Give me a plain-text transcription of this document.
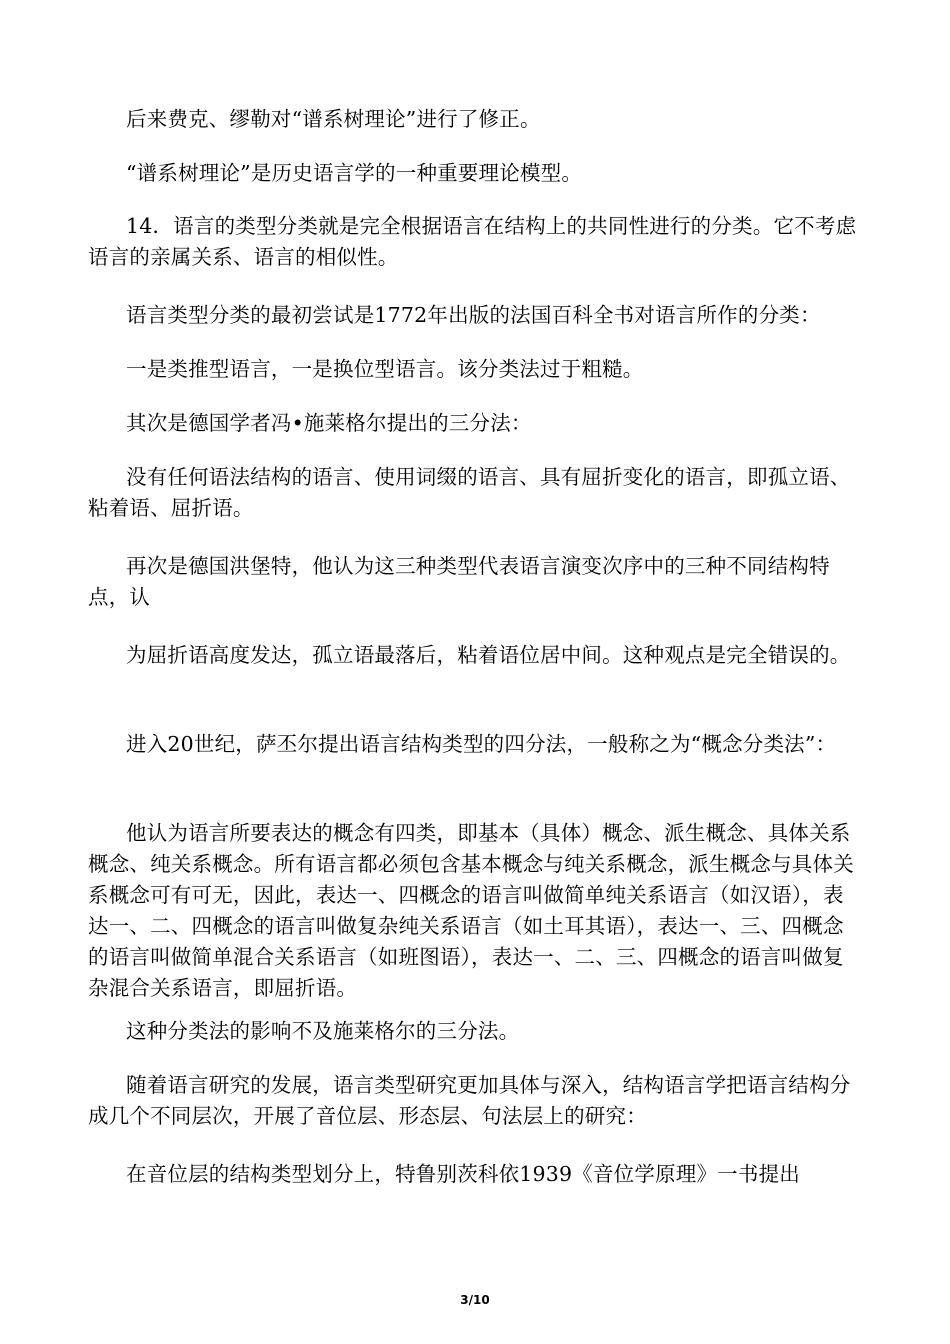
后来费克、缪勒对“谱系树理论”进行了修正。

“谱系树理论”是历史语言学的一种重要理论模型。

14．语言的类型分类就是完全根据语言在结构上的共同性进行的分类。它不考虑语言的亲属关系、语言的相似性。

语言类型分类的最初尝试是1772年出版的法国百科全书对语言所作的分类：

一是类推型语言，一是换位型语言。该分类法过于粗糙。

其次是德国学者冯•施莱格尔提出的三分法：

没有任何语法结构的语言、使用词缀的语言、具有屈折变化的语言，即孤立语、粘着语、屈折语。

再次是德国洪堡特，他认为这三种类型代表语言演变次序中的三种不同结构特点，认

为屈折语高度发达，孤立语最落后，粘着语位居中间。这种观点是完全错误的。

进入20世纪，萨丕尔提出语言结构类型的四分法，一般称之为“概念分类法”：

他认为语言所要表达的概念有四类，即基本（具体）概念、派生概念、具体关系概念、纯关系概念。所有语言都必须包含基本概念与纯关系概念，派生概念与具体关系概念可有可无，因此，表达一、四概念的语言叫做简单纯关系语言（如汉语），表达一、二、四概念的语言叫做复杂纯关系语言（如土耳其语），表达一、三、四概念的语言叫做简单混合关系语言（如班图语），表达一、二、三、四概念的语言叫做复杂混合关系语言，即屈折语。

这种分类法的影响不及施莱格尔的三分法。

随着语言研究的发展，语言类型研究更加具体与深入，结构语言学把语言结构分成几个不同层次，开展了音位层、形态层、句法层上的研究：

在音位层的结构类型划分上，特鲁别茨科依1939《音位学原理》一书提出

3/10
